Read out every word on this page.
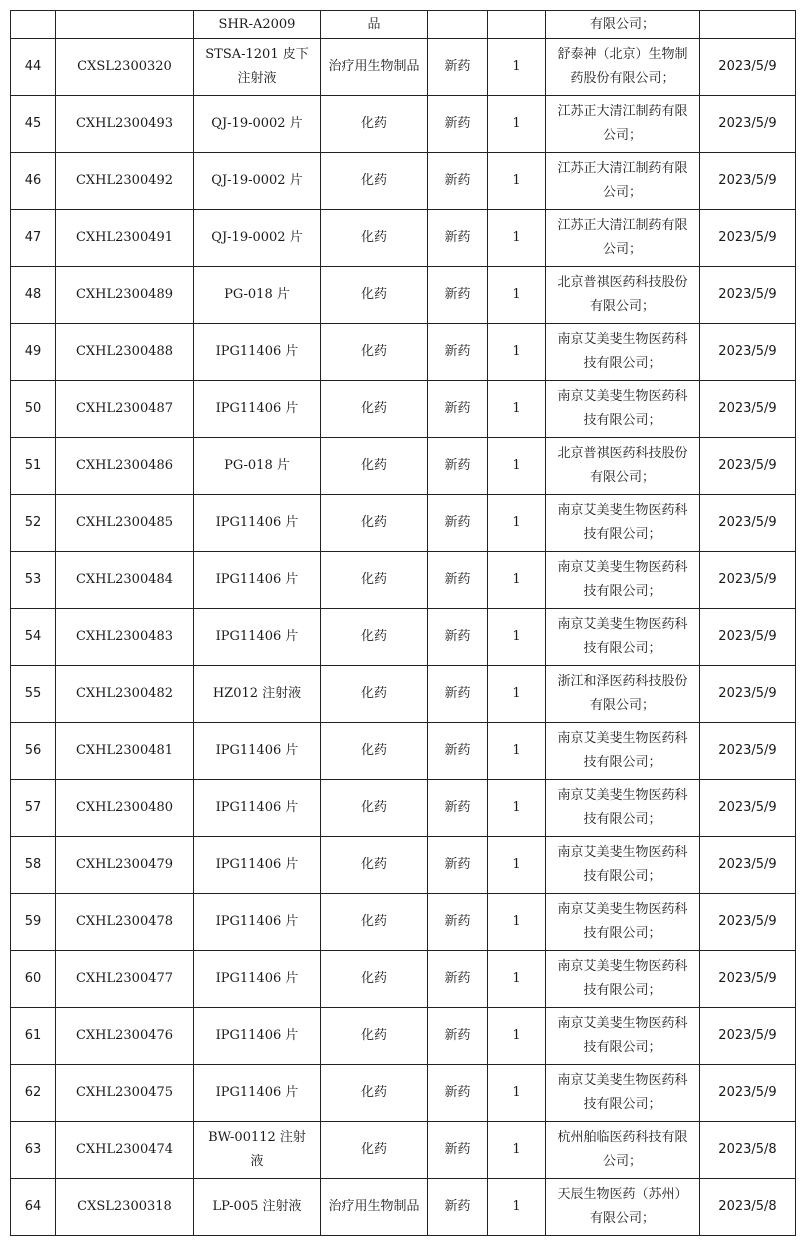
		SHR-A2009	品			有限公司；	
44	CXSL2300320	STSA-1201 皮下注射液	治疗用生物制品	新药	1	舒泰神（北京）生物制药股份有限公司；	2023/5/9
45	CXHL2300493	QJ-19-0002 片	化药	新药	1	江苏正大清江制药有限公司；	2023/5/9
46	CXHL2300492	QJ-19-0002 片	化药	新药	1	江苏正大清江制药有限公司；	2023/5/9
47	CXHL2300491	QJ-19-0002 片	化药	新药	1	江苏正大清江制药有限公司；	2023/5/9
48	CXHL2300489	PG-018 片	化药	新药	1	北京普祺医药科技股份有限公司；	2023/5/9
49	CXHL2300488	IPG11406 片	化药	新药	1	南京艾美斐生物医药科技有限公司；	2023/5/9
50	CXHL2300487	IPG11406 片	化药	新药	1	南京艾美斐生物医药科技有限公司；	2023/5/9
51	CXHL2300486	PG-018 片	化药	新药	1	北京普祺医药科技股份有限公司；	2023/5/9
52	CXHL2300485	IPG11406 片	化药	新药	1	南京艾美斐生物医药科技有限公司；	2023/5/9
53	CXHL2300484	IPG11406 片	化药	新药	1	南京艾美斐生物医药科技有限公司；	2023/5/9
54	CXHL2300483	IPG11406 片	化药	新药	1	南京艾美斐生物医药科技有限公司；	2023/5/9
55	CXHL2300482	HZ012 注射液	化药	新药	1	浙江和泽医药科技股份有限公司；	2023/5/9
56	CXHL2300481	IPG11406 片	化药	新药	1	南京艾美斐生物医药科技有限公司；	2023/5/9
57	CXHL2300480	IPG11406 片	化药	新药	1	南京艾美斐生物医药科技有限公司；	2023/5/9
58	CXHL2300479	IPG11406 片	化药	新药	1	南京艾美斐生物医药科技有限公司；	2023/5/9
59	CXHL2300478	IPG11406 片	化药	新药	1	南京艾美斐生物医药科技有限公司；	2023/5/9
60	CXHL2300477	IPG11406 片	化药	新药	1	南京艾美斐生物医药科技有限公司；	2023/5/9
61	CXHL2300476	IPG11406 片	化药	新药	1	南京艾美斐生物医药科技有限公司；	2023/5/9
62	CXHL2300475	IPG11406 片	化药	新药	1	南京艾美斐生物医药科技有限公司；	2023/5/9
63	CXHL2300474	BW-00112 注射液	化药	新药	1	杭州舶临医药科技有限公司；	2023/5/8
64	CXSL2300318	LP-005 注射液	治疗用生物制品	新药	1	天辰生物医药（苏州）有限公司；	2023/5/8
